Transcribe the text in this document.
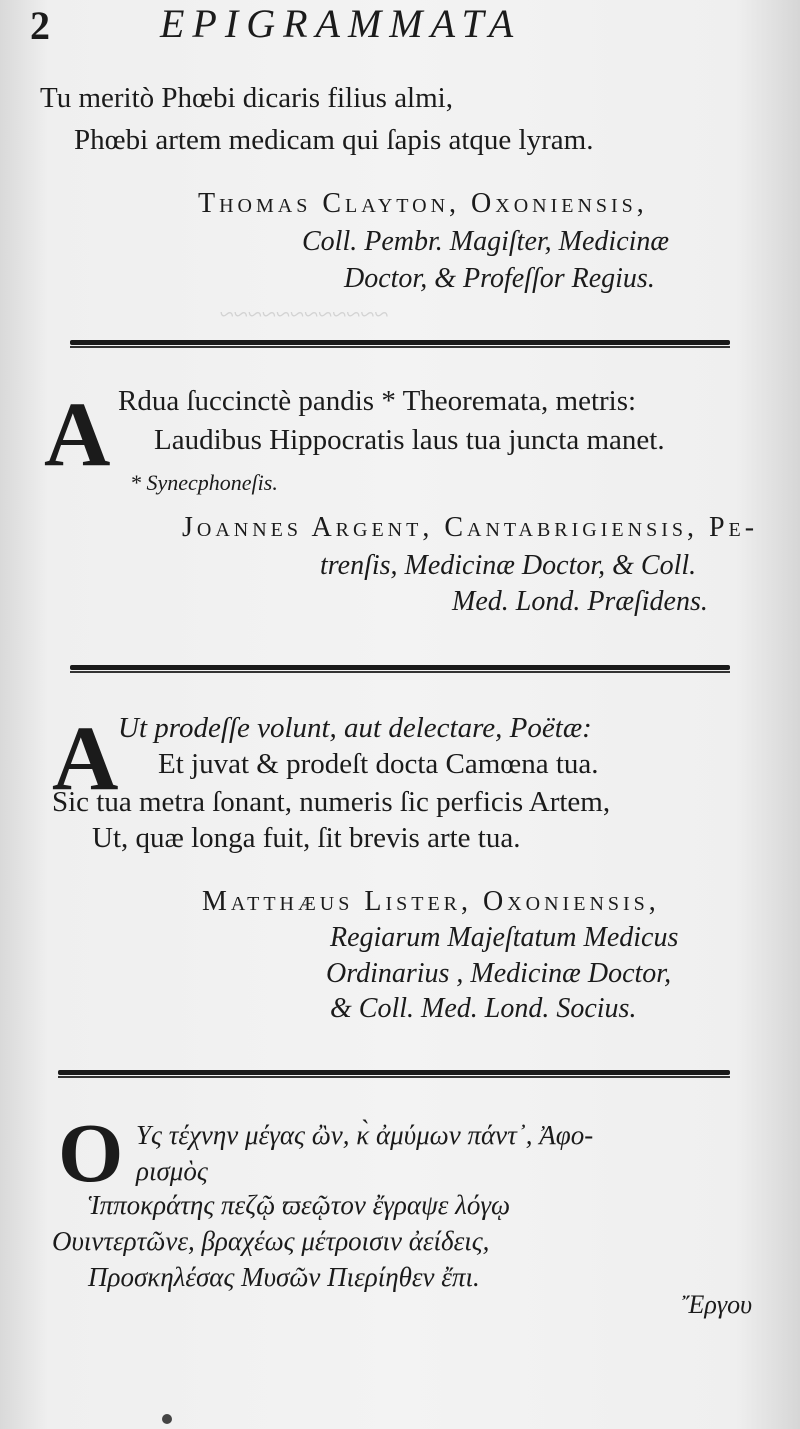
~~~~~~~~~~~~
2	EPIGRAMMATA
Tu meritò Phœbi dicaris filius almi,
Phœbi artem medicam qui ſapis atque lyram.
Thomas Clayton, Oxonienſis,
Coll. Pembr. Magiſter, Medicinæ
Doctor, & Profeſſor Regius.
A Rdua ſuccinctè pandis * Theoremata, metris:
Laudibus Hippocratis laus tua juncta manet.
* Synecphoneſis.
Joannes Argent, Cantabrigienſis, Pe-
trenſis, Medicinæ Doctor, & Coll.
Med. Lond. Præſidens.
A Ut prodeſſe volunt, aut delectare, Poëtæ:
Et juvat & prodeſt docta Camœna tua.
Sic tua metra ſonant, numeris ſic perficis Artem,
Ut, quæ longa fuit, ſit brevis arte tua.
Matthæus Lister, Oxonienſis,
Regiarum Majeſtatum Medicus
Ordinarius , Medicinæ Doctor,
& Coll. Med. Lond. Socius.
O Υς τέχνην μέγας ὢν, κ̀ ἀμύμων πάντ᾽, Ἀφο-
ρισμὸς
Ἱπποκράτης πεζῷ ϖεῷτον ἔγραψε λόγῳ
Ουιντερτῶνε, βραχέως μέτροισιν ἀείδεις,
Προσκηλέσας Μυσῶν Πιερίηθεν ἔπι.
Ἔργου
